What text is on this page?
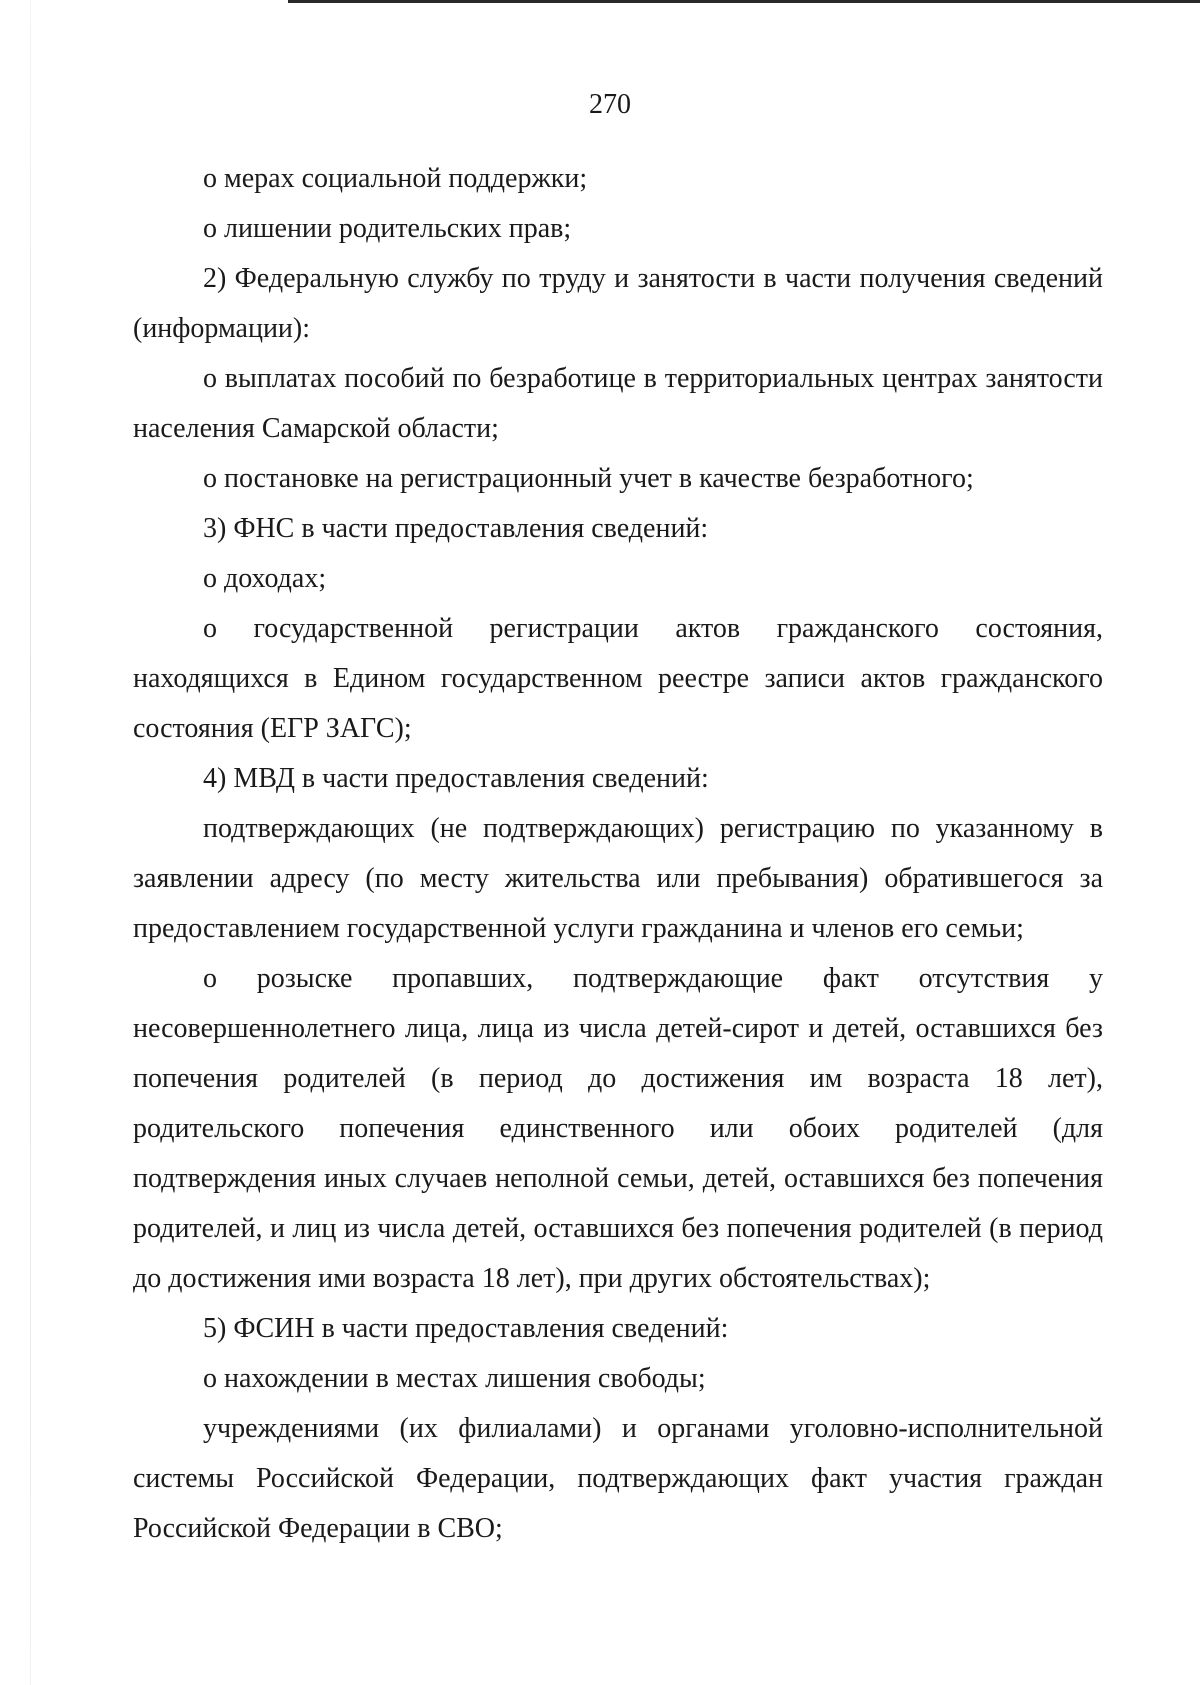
270

о мерах социальной поддержки;

о лишении родительских прав;

2) Федеральную службу по труду и занятости в части получения сведений (информации):

о выплатах пособий по безработице в территориальных центрах занятости населения Самарской области;

о постановке на регистрационный учет в качестве безработного;

3) ФНС в части предоставления сведений:

о доходах;

о государственной регистрации актов гражданского состояния, находящихся в Едином государственном реестре записи актов гражданского состояния (ЕГР ЗАГС);

4) МВД в части предоставления сведений:

подтверждающих (не подтверждающих) регистрацию по указанному в заявлении адресу (по месту жительства или пребывания) обратившегося за предоставлением государственной услуги гражданина и членов его семьи;

о розыске пропавших, подтверждающие факт отсутствия у несовершеннолетнего лица, лица из числа детей-сирот и детей, оставшихся без попечения родителей (в период до достижения им возраста 18 лет), родительского попечения единственного или обоих родителей (для подтверждения иных случаев неполной семьи, детей, оставшихся без попечения родителей, и лиц из числа детей, оставшихся без попечения родителей (в период до достижения ими возраста 18 лет), при других обстоятельствах);

5) ФСИН в части предоставления сведений:

о нахождении в местах лишения свободы;

учреждениями (их филиалами) и органами уголовно-исполнительной системы Российской Федерации, подтверждающих факт участия граждан Российской Федерации в СВО;
